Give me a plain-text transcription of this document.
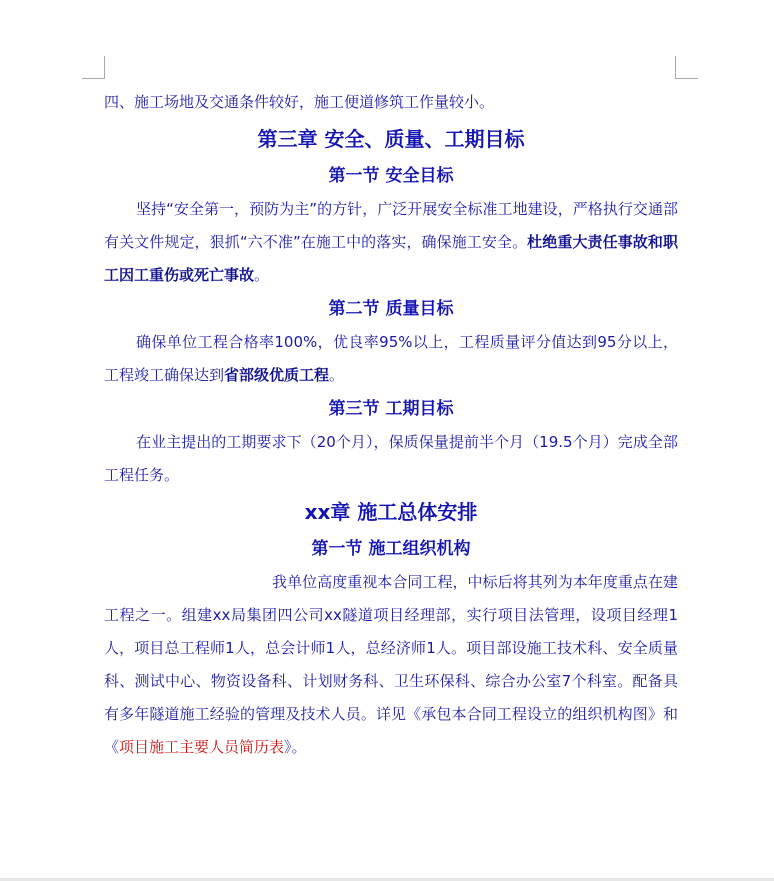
四、施工场地及交通条件较好，施工便道修筑工作量较小。

第三章 安全、质量、工期目标
第一节 安全目标

坚持“安全第一，预防为主”的方针，广泛开展安全标准工地建设，严格执行交通部有关文件规定，狠抓“六不准”在施工中的落实，确保施工安全。杜绝重大责任事故和职工因工重伤或死亡事故。

第二节 质量目标

确保单位工程合格率100%，优良率95%以上，工程质量评分值达到95分以上，工程竣工确保达到省部级优质工程。

第三节 工期目标

在业主提出的工期要求下（20个月），保质保量提前半个月（19.5个月）完成全部工程任务。

xx章 施工总体安排
第一节 施工组织机构

我单位高度重视本合同工程，中标后将其列为本年度重点在建工程之一。组建xx局集团四公司xx隧道项目经理部，实行项目法管理，设项目经理1人，项目总工程师1人，总会计师1人，总经济师1人。项目部设施工技术科、安全质量科、测试中心、物资设备科、计划财务科、卫生环保科、综合办公室7个科室。配备具有多年隧道施工经验的管理及技术人员。详见《承包本合同工程设立的组织机构图》和《项目施工主要人员简历表》。
